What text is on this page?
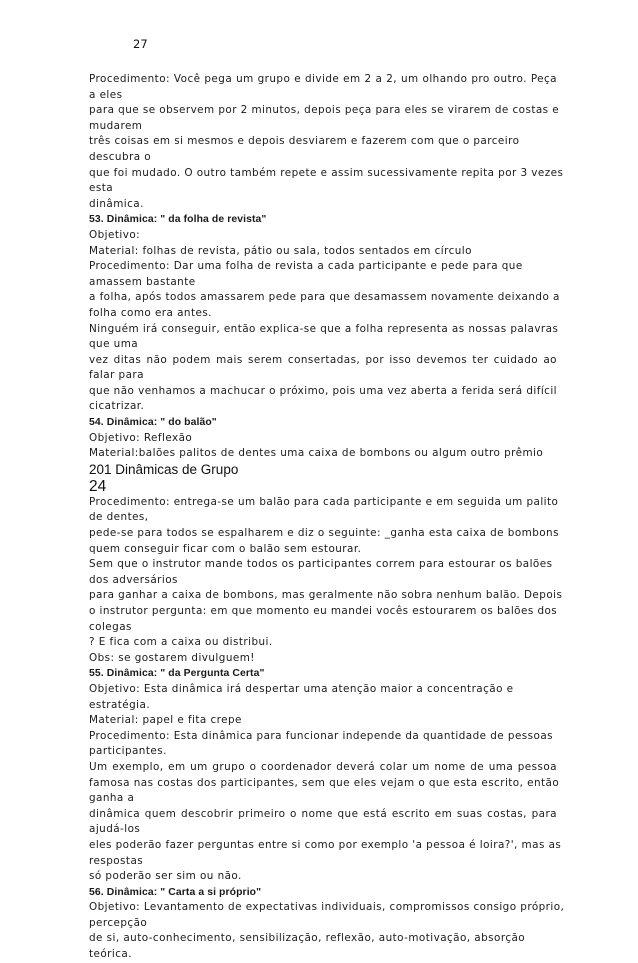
27
Procedimento: Você pega um grupo e divide em 2 a 2, um olhando pro outro. Peça
a eles
para que se observem por 2 minutos, depois peça para eles se virarem de costas e
mudarem
três coisas em si mesmos e depois desviarem e fazerem com que o parceiro
descubra o
que foi mudado. O outro também repete e assim sucessivamente repita por 3 vezes
esta
dinâmica.
53. Dinâmica: " da folha de revista"
Objetivo:
Material: folhas de revista, pátio ou sala, todos sentados em círculo
Procedimento: Dar uma folha de revista a cada participante e pede para que
amassem bastante
a folha, após todos amassarem pede para que desamassem novamente deixando a
folha como era antes.
Ninguém irá conseguir, então explica-se que a folha representa as nossas palavras
que uma
vez ditas não podem mais serem consertadas, por isso devemos ter cuidado ao
falar para
que não venhamos a machucar o próximo, pois uma vez aberta a ferida será difícil
cicatrizar.
54. Dinâmica: " do balão"
Objetivo: Reflexão
Material:balões palitos de dentes uma caixa de bombons ou algum outro prêmio
201 Dinâmicas de Grupo
24
Procedimento: entrega-se um balão para cada participante e em seguida um palito
de dentes,
pede-se para todos se espalharem e diz o seguinte: _ganha esta caixa de bombons
quem conseguir ficar com o balão sem estourar.
Sem que o instrutor mande todos os participantes correm para estourar os balões
dos adversários
para ganhar a caixa de bombons, mas geralmente não sobra nenhum balão. Depois
o instrutor pergunta: em que momento eu mandei vocês estourarem os balões dos
colegas
? E fica com a caixa ou distribui.
Obs: se gostarem divulguem!
55. Dinâmica: " da Pergunta Certa"
Objetivo: Esta dinâmica irá despertar uma atenção maior a concentração e
estratégia.
Material: papel e fita crepe
Procedimento: Esta dinâmica para funcionar independe da quantidade de pessoas
participantes.
Um exemplo, em um grupo o coordenador deverá colar um nome de uma pessoa
famosa nas costas dos participantes, sem que eles vejam o que esta escrito, então
ganha a
dinâmica quem descobrir primeiro o nome que está escrito em suas costas, para
ajudá-los
eles poderão fazer perguntas entre si como por exemplo 'a pessoa é loira?', mas as
respostas
só poderão ser sim ou não.
56. Dinâmica: " Carta a si próprio"
Objetivo: Levantamento de expectativas individuais, compromissos consigo próprio,
percepção
de si, auto-conhecimento, sensibilização, reflexão, auto-motivação, absorção
teórica.
